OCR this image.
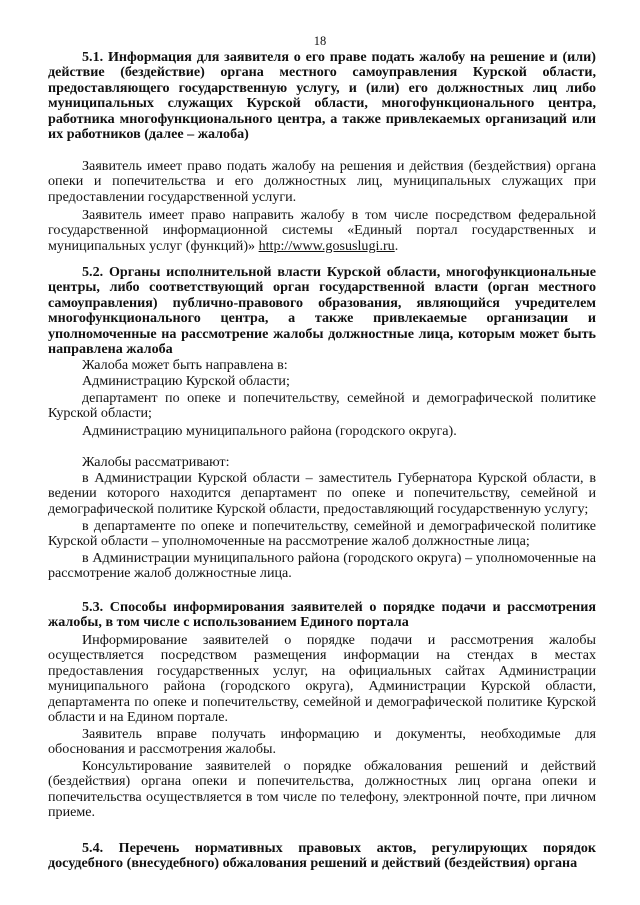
18

5.1. Информация для заявителя о его праве подать жалобу на решение и (или) действие (бездействие) органа местного самоуправления Курской области, предоставляющего государственную услугу, и (или) его должностных лиц либо муниципальных служащих Курской области, многофункционального центра, работника многофункционального центра, а также привлекаемых организаций или их работников (далее – жалоба)

Заявитель имеет право подать жалобу на решения и действия (бездействия) органа опеки и попечительства и его должностных лиц, муниципальных служащих при предоставлении государственной услуги.

Заявитель имеет право направить жалобу в том числе посредством федеральной государственной информационной системы «Единый портал государственных и муниципальных услуг (функций)» http://www.gosuslugi.ru.

5.2. Органы исполнительной власти Курской области, многофункциональные центры, либо соответствующий орган государственной власти (орган местного самоуправления) публично-правового образования, являющийся учредителем многофункционального центра, а также привлекаемые организации и уполномоченные на рассмотрение жалобы должностные лица, которым может быть направлена жалоба

Жалоба может быть направлена в:

Администрацию Курской области;

департамент по опеке и попечительству, семейной и демографической политике Курской области;

Администрацию муниципального района (городского округа).

Жалобы рассматривают:

в Администрации Курской области – заместитель Губернатора Курской области, в ведении которого находится департамент по опеке и попечительству, семейной и демографической политике Курской области, предоставляющий государственную услугу;

в департаменте по опеке и попечительству, семейной и демографической политике Курской области – уполномоченные на рассмотрение жалоб должностные лица;

в Администрации муниципального района (городского округа) – уполномоченные на рассмотрение жалоб должностные лица.

5.3. Способы информирования заявителей о порядке подачи и рассмотрения жалобы, в том числе с использованием Единого портала

Информирование заявителей о порядке подачи и рассмотрения жалобы осуществляется посредством размещения информации на стендах в местах предоставления государственных услуг, на официальных сайтах Администрации муниципального района (городского округа), Администрации Курской области, департамента по опеке и попечительству, семейной и демографической политике Курской области и на Едином портале.

Заявитель вправе получать информацию и документы, необходимые для обоснования и рассмотрения жалобы.

Консультирование заявителей о порядке обжалования решений и действий (бездействия) органа опеки и попечительства, должностных лиц органа опеки и попечительства осуществляется в том числе по телефону, электронной почте, при личном приеме.

5.4. Перечень нормативных правовых актов, регулирующих порядок досудебного (внесудебного) обжалования решений и действий (бездействия) органа
